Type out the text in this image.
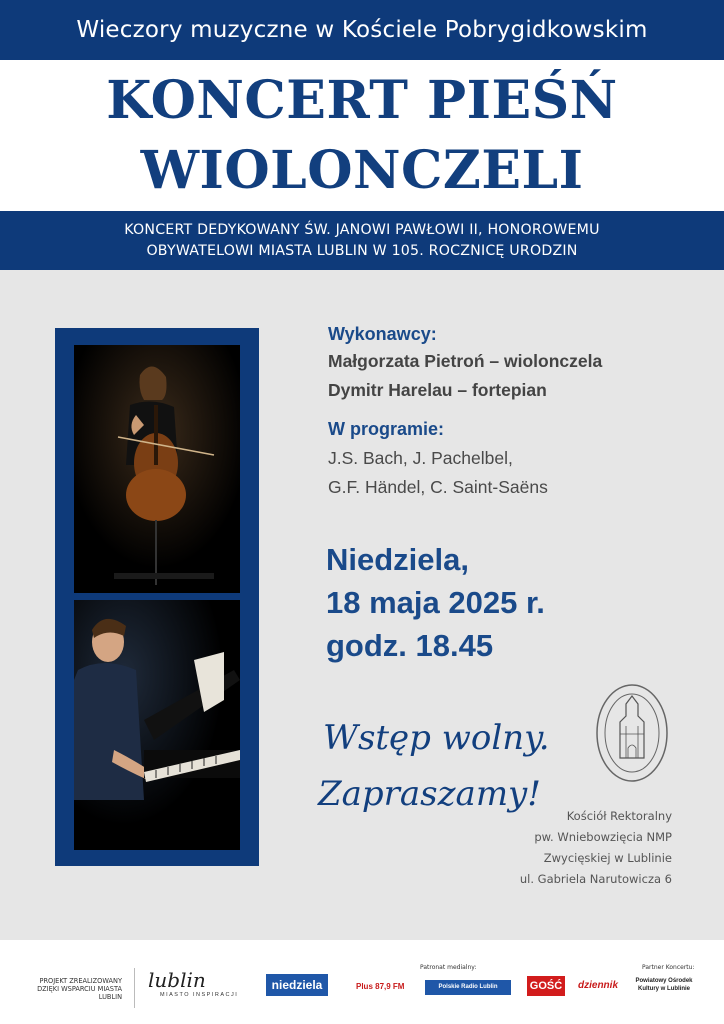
Wieczory muzyczne w Kościele Pobrygidkowskim
KONCERT PIEŚŃ
WIOLONCZELI
KONCERT DEDYKOWANY ŚW. JANOWI PAWŁOWI II, HONOROWEMU
OBYWATELOWI MIASTA LUBLIN W 105. ROCZNICĘ URODZIN
Wykonawcy:
Małgorzata Pietroń – wiolonczela
Dymitr Harelau – fortepian
W programie:
J.S. Bach, J. Pachelbel,
G.F. Händel, C. Saint-Saëns
Niedziela,
18 maja 2025 r.
godz. 18.45
Wstęp wolny.
Zapraszamy!
Kościół Rektoralny
pw. Wniebowzięcia NMP
Zwycięskiej w Lublinie
ul. Gabriela Narutowicza 6
PROJEKT ZREALIZOWANY DZIĘKI WSPARCIU MIASTA LUBLIN
lublin
MIASTO INSPIRACJI
niedziela
Patronat medialny:
Plus 87,9 FM	Polskie Radio Lublin	GOŚĆ dziennik
Partner Koncertu:
Powiatowy Ośrodek Kultury w Lublinie
